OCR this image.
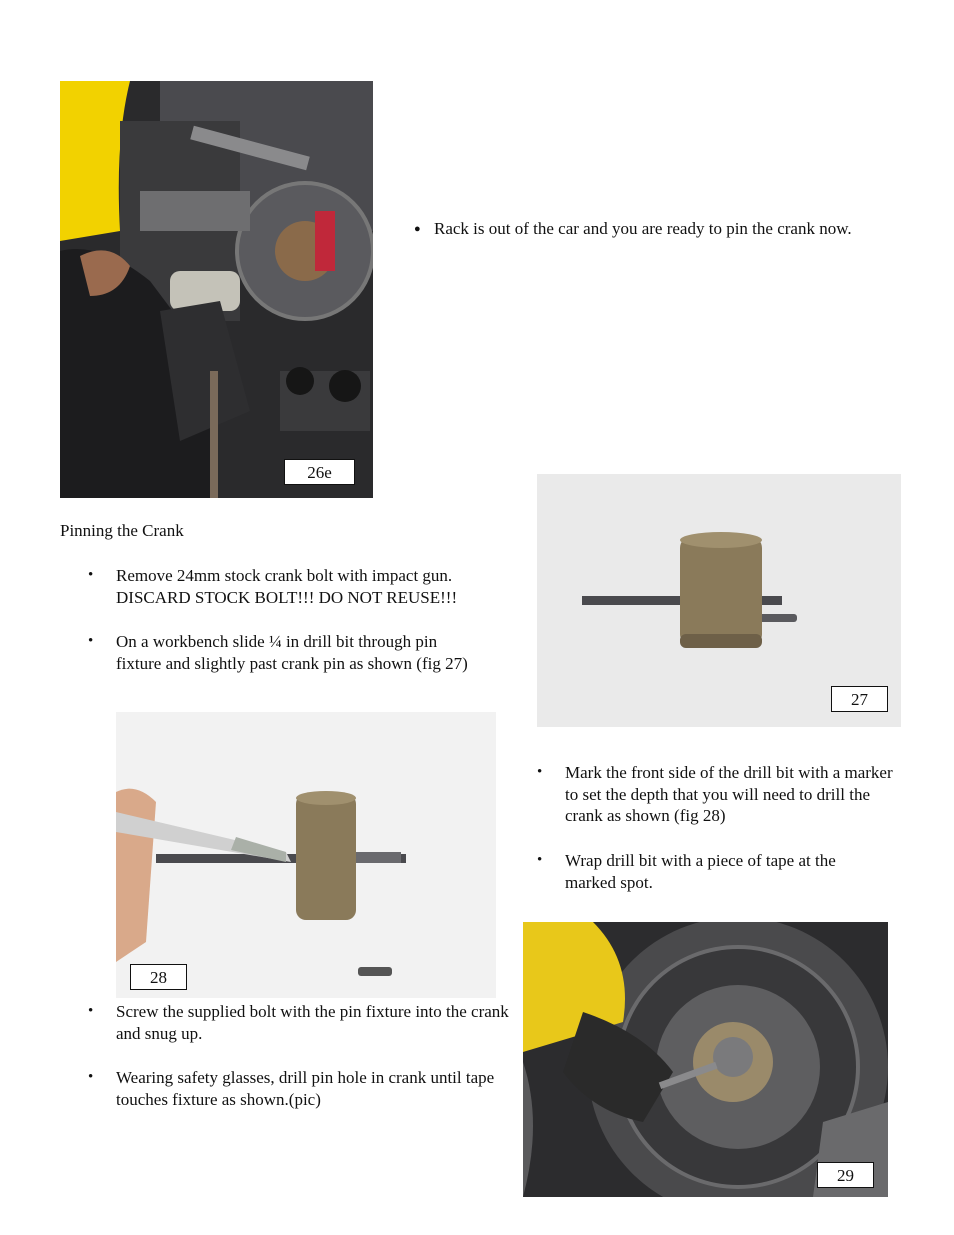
26e
● Rack is out of the car and you are ready to pin the crank now.
Pinning the Crank
• Remove 24mm stock crank bolt with impact gun. DISCARD STOCK BOLT!!! DO NOT REUSE!!!
• On a workbench slide ¼ in drill bit through pin fixture and slightly past crank pin as shown (fig 27)
28
• Screw the supplied bolt with the pin fixture into the crank and snug up.
• Wearing safety glasses, drill pin hole in crank until tape touches fixture as shown.(pic)
27
• Mark the front side of the drill bit with a marker to set the depth that you will need to drill the crank as shown (fig 28)
• Wrap drill bit with a piece of tape at the marked spot.
29
